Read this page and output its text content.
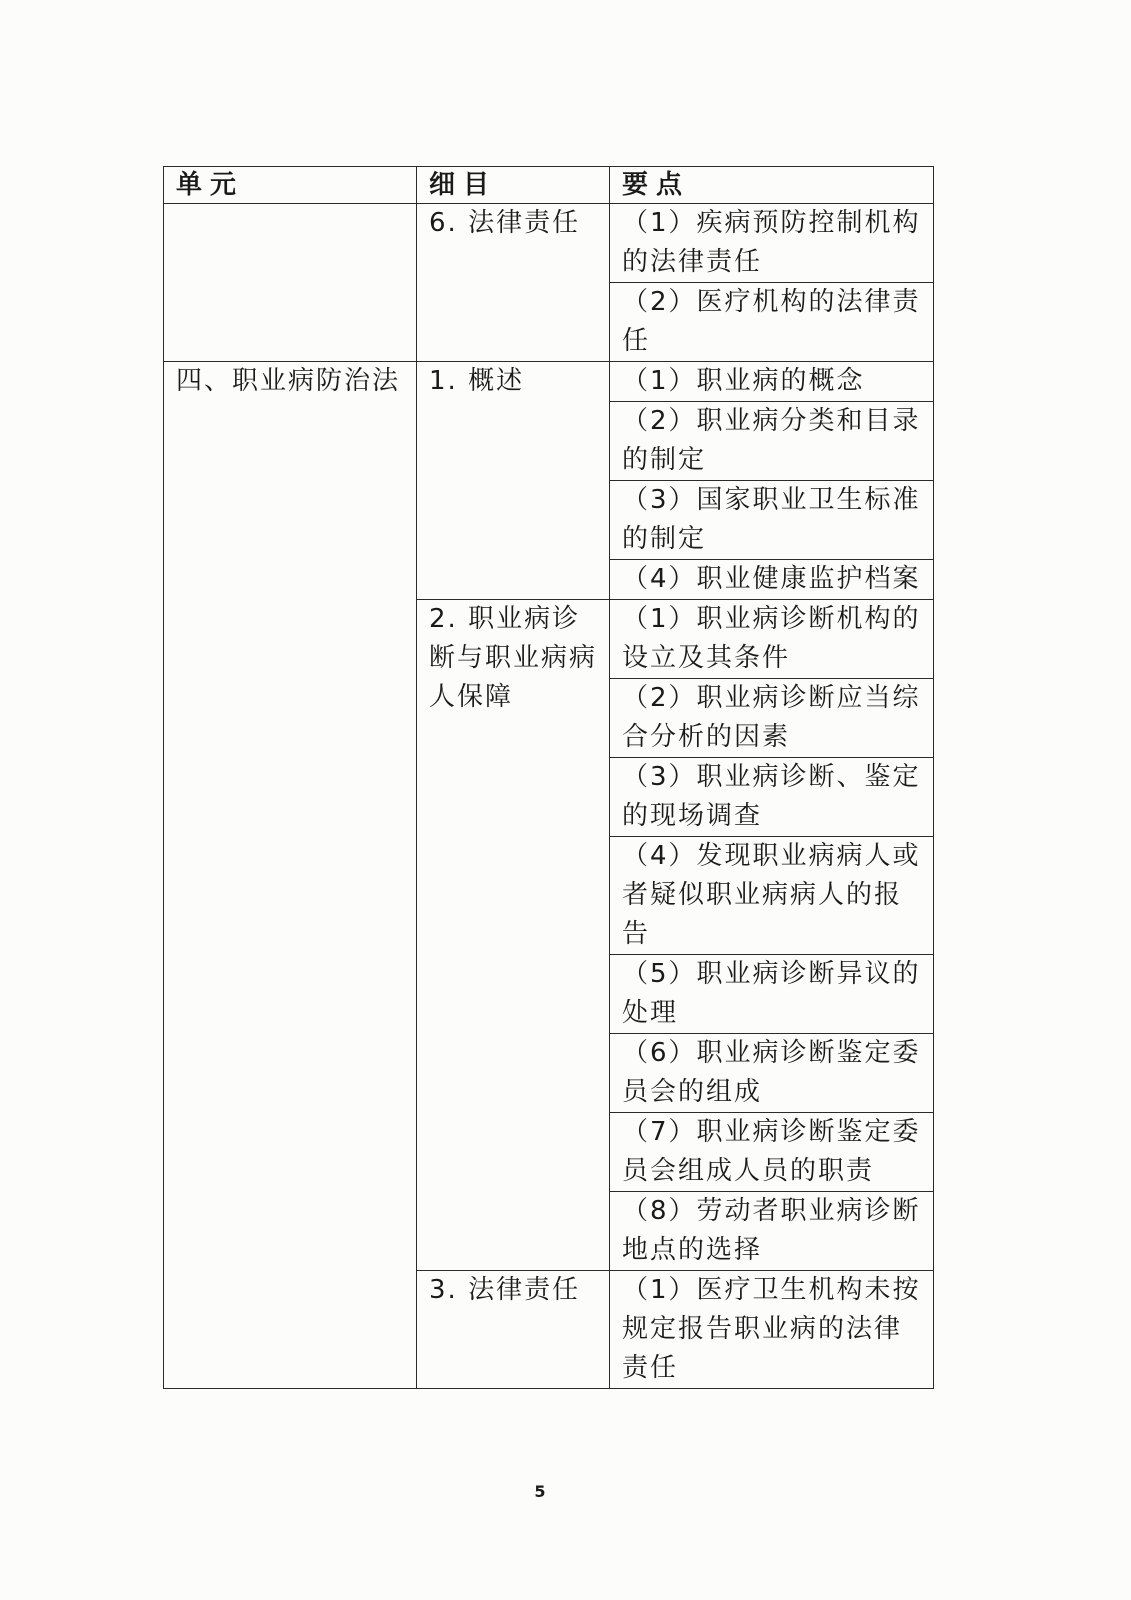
单元	细目	要点
	6. 法律责任	（1）疾病预防控制机构的法律责任
		（2）医疗机构的法律责任
四、职业病防治法	1. 概述	（1）职业病的概念
		（2）职业病分类和目录的制定
		（3）国家职业卫生标准的制定
		（4）职业健康监护档案
	2. 职业病诊断与职业病病人保障	（1）职业病诊断机构的设立及其条件
		（2）职业病诊断应当综合分析的因素
		（3）职业病诊断、鉴定的现场调查
		（4）发现职业病病人或者疑似职业病病人的报告
		（5）职业病诊断异议的处理
		（6）职业病诊断鉴定委员会的组成
		（7）职业病诊断鉴定委员会组成人员的职责
		（8）劳动者职业病诊断地点的选择
	3. 法律责任	（1）医疗卫生机构未按规定报告职业病的法律责任
5
